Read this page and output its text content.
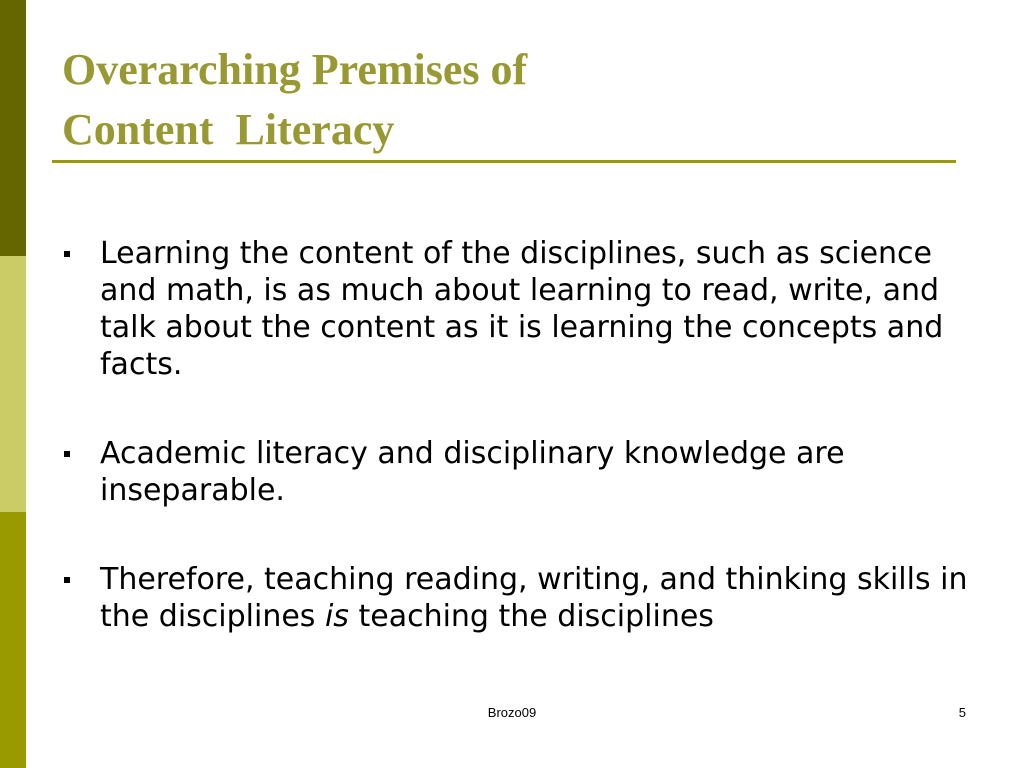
Overarching Premises of
Content  Literacy
Learning the content of the disciplines, such as science and math, is as much about learning to read, write, and talk about the content as it is learning the concepts and facts.
Academic literacy and disciplinary knowledge are inseparable.
Therefore, teaching reading, writing, and thinking skills in the disciplines is teaching the disciplines
Brozo09	5
